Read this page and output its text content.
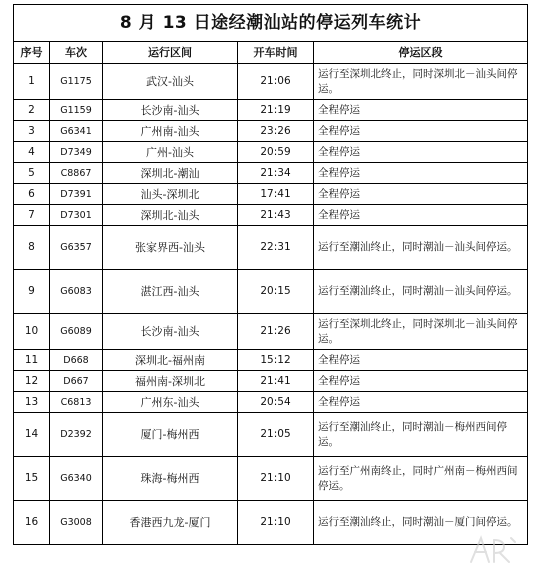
8 月 13 日途经潮汕站的停运列车统计				
序号	车次	运行区间	开车时间	停运区段
1	G1175	武汉-汕头	21:06	运行至深圳北终止，同时深圳北－汕头间停运。
2	G1159	长沙南-汕头	21:19	全程停运
3	G6341	广州南-汕头	23:26	全程停运
4	D7349	广州-汕头	20:59	全程停运
5	C8867	深圳北-潮汕	21:34	全程停运
6	D7391	汕头-深圳北	17:41	全程停运
7	D7301	深圳北-汕头	21:43	全程停运
8	G6357	张家界西-汕头	22:31	运行至潮汕终止，同时潮汕－汕头间停运。
9	G6083	湛江西-汕头	20:15	运行至潮汕终止，同时潮汕－汕头间停运。
10	G6089	长沙南-汕头	21:26	运行至深圳北终止，同时深圳北－汕头间停运。
11	D668	深圳北-福州南	15:12	全程停运
12	D667	福州南-深圳北	21:41	全程停运
13	C6813	广州东-汕头	20:54	全程停运
14	D2392	厦门-梅州西	21:05	运行至潮汕终止，同时潮汕－梅州西间停运。
15	G6340	珠海-梅州西	21:10	运行至广州南终止，同时广州南－梅州西间停运。
16	G3008	香港西九龙-厦门	21:10	运行至潮汕终止，同时潮汕－厦门间停运。
